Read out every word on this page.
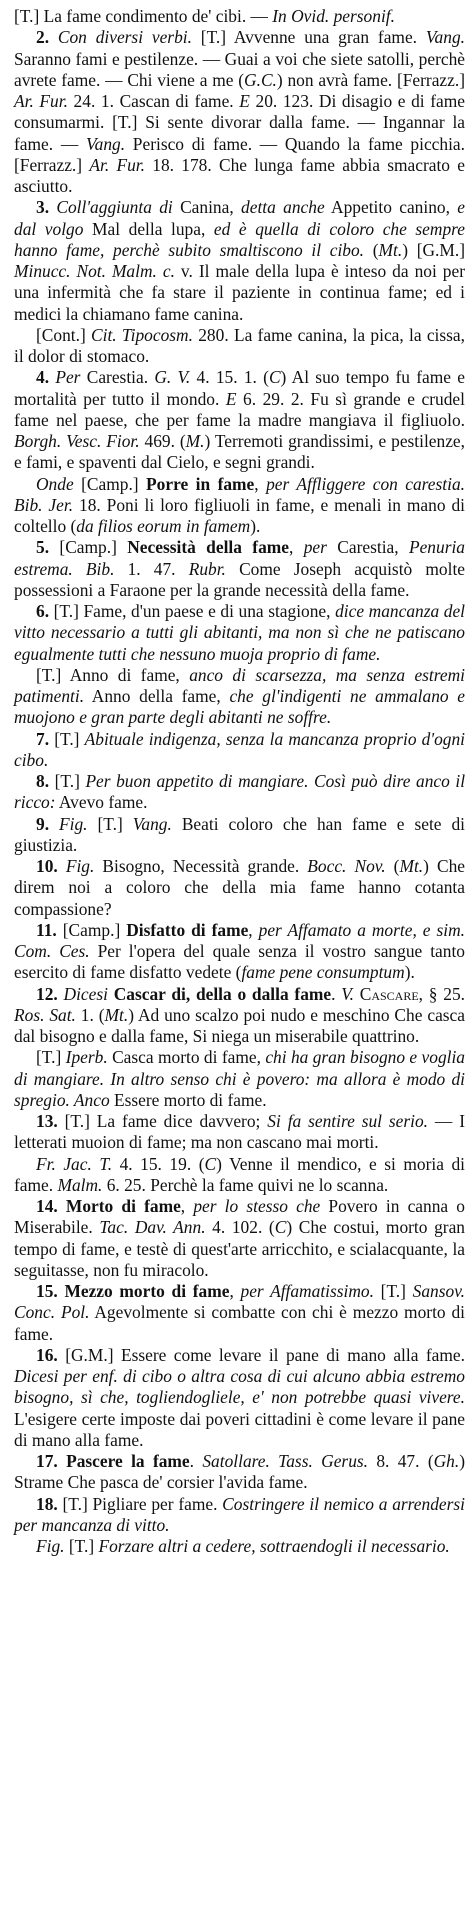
[T.] La fame condimento de' cibi. — In Ovid. personif.

2. Con diversi verbi. [T.] Avvenne una gran fame. Vang. Saranno fami e pestilenze. — Guai a voi che siete satolli, perchè avrete fame. — Chi viene a me (G.C.) non avrà fame. [Ferrazz.] Ar. Fur. 24. 1. Cascan di fame. E 20. 123. Di disagio e di fame consumarmi. [T.] Si sente divorar dalla fame. — Ingannar la fame. — Vang. Perisco di fame. — Quando la fame picchia. [Ferrazz.] Ar. Fur. 18. 178. Che lunga fame abbia smacrato e asciutto.

3. Coll'aggiunta di Canina, detta anche Appetito canino, e dal volgo Mal della lupa, ed è quella di coloro che sempre hanno fame, perchè subito smaltiscono il cibo. (Mt.) [G.M.] Minucc. Not. Malm. c. v. Il male della lupa è inteso da noi per una infermità che fa stare il paziente in continua fame; ed i medici la chiamano fame canina.

[Cont.] Cit. Tipocosm. 280. La fame canina, la pica, la cissa, il dolor di stomaco.

4. Per Carestia. G. V. 4. 15. 1. (C) Al suo tempo fu fame e mortalità per tutto il mondo. E 6. 29. 2. Fu sì grande e crudel fame nel paese, che per fame la madre mangiava il figliuolo. Borgh. Vesc. Fior. 469. (M.) Terremoti grandissimi, e pestilenze, e fami, e spaventi dal Cielo, e segni grandi.

Onde [Camp.] Porre in fame, per Affliggere con carestia. Bib. Jer. 18. Poni li loro figliuoli in fame, e menali in mano di coltello (da filios eorum in famem).

5. [Camp.] Necessità della fame, per Carestia, Penuria estrema. Bib. 1. 47. Rubr. Come Joseph acquistò molte possessioni a Faraone per la grande necessità della fame.

6. [T.] Fame, d'un paese e di una stagione, dice mancanza del vitto necessario a tutti gli abitanti, ma non sì che ne patiscano egualmente tutti che nessuno muoja proprio di fame.

[T.] Anno di fame, anco di scarsezza, ma senza estremi patimenti. Anno della fame, che gl'indigenti ne ammalano e muojono e gran parte degli abitanti ne soffre.

7. [T.] Abituale indigenza, senza la mancanza proprio d'ogni cibo.

8. [T.] Per buon appetito di mangiare. Così può dire anco il ricco: Avevo fame.

9. Fig. [T.] Vang. Beati coloro che han fame e sete di giustizia.

10. Fig. Bisogno, Necessità grande. Bocc. Nov. (Mt.) Che direm noi a coloro che della mia fame hanno cotanta compassione?

11. [Camp.] Disfatto di fame, per Affamato a morte, e sim. Com. Ces. Per l'opera del quale senza il vostro sangue tanto esercito di fame disfatto vedete (fame pene consumptum).

12. Dicesi Cascar di, della o dalla fame. V. Cascare, § 25. Ros. Sat. 1. (Mt.) Ad uno scalzo poi nudo e meschino Che casca dal bisogno e dalla fame, Si niega un miserabile quattrino.

[T.] Iperb. Casca morto di fame, chi ha gran bisogno e voglia di mangiare. In altro senso chi è povero: ma allora è modo di spregio. Anco Essere morto di fame.

13. [T.] La fame dice davvero; Si fa sentire sul serio. — I letterati muoion di fame; ma non cascano mai morti.

Fr. Jac. T. 4. 15. 19. (C) Venne il mendico, e si moria di fame. Malm. 6. 25. Perchè la fame quivi ne lo scanna.

14. Morto di fame, per lo stesso che Povero in canna o Miserabile. Tac. Dav. Ann. 4. 102. (C) Che costui, morto gran tempo di fame, e testè di quest'arte arricchito, e scialacquante, la seguitasse, non fu miracolo.

15. Mezzo morto di fame, per Affamatissimo. [T.] Sansov. Conc. Pol. Agevolmente si combatte con chi è mezzo morto di fame.

16. [G.M.] Essere come levare il pane di mano alla fame. Dicesi per enf. di cibo o altra cosa di cui alcuno abbia estremo bisogno, sì che, togliendogliele, e' non potrebbe quasi vivere. L'esigere certe imposte dai poveri cittadini è come levare il pane di mano alla fame.

17. Pascere la fame. Satollare. Tass. Gerus. 8. 47. (Gh.) Strame Che pasca de' corsier l'avida fame.

18. [T.] Pigliare per fame. Costringere il nemico a arrendersi per mancanza di vitto.

Fig. [T.] Forzare altri a cedere, sottraendogli il necessario.
